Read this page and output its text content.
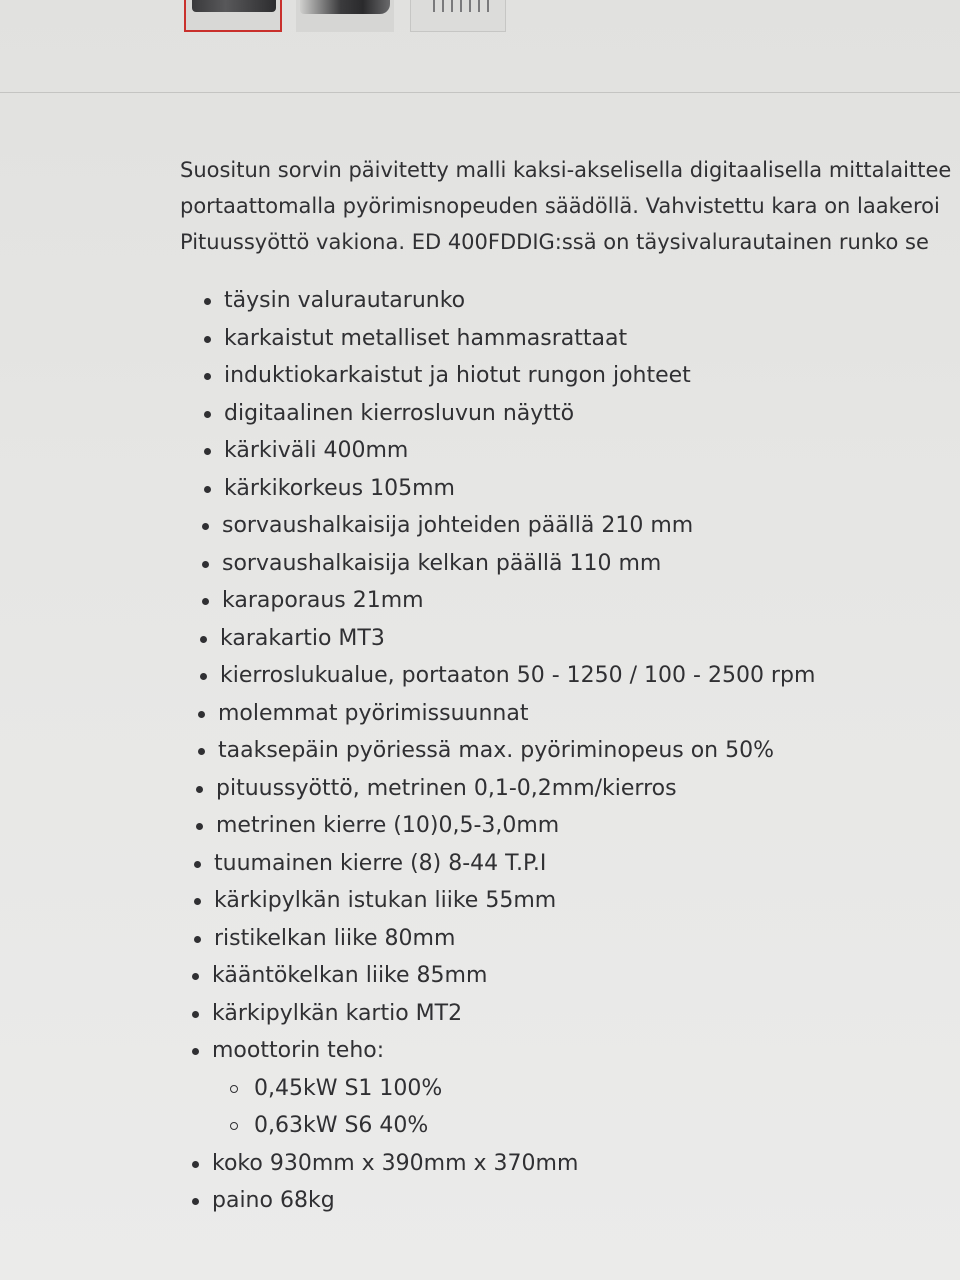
Suositun sorvin päivitetty malli kaksi-akselisella digitaalisella mittalaittee
portaattomalla pyörimisnopeuden säädöllä. Vahvistettu kara on laakeroi
Pituussyöttö vakiona. ED 400FDDIG:ssä on täysivalurautainen runko se

täysin valurautarunko
karkaistut metalliset hammasrattaat
induktiokarkaistut ja hiotut rungon johteet
digitaalinen kierrosluvun näyttö
kärkiväli 400mm
kärkikorkeus 105mm
sorvaushalkaisija johteiden päällä 210 mm
sorvaushalkaisija kelkan päällä 110 mm
karaporaus 21mm
karakartio MT3
kierroslukualue, portaaton 50 - 1250 / 100 - 2500 rpm
molemmat pyörimissuunnat
taaksepäin pyöriessä max. pyöriminopeus on 50%
pituussyöttö, metrinen 0,1-0,2mm/kierros
metrinen kierre (10)0,5-3,0mm
tuumainen kierre (8) 8-44 T.P.I
kärkipylkän istukan liike 55mm
ristikelkan liike 80mm
kääntökelkan liike 85mm
kärkipylkän kartio MT2
moottorin teho:
0,45kW S1 100%
0,63kW S6 40%
koko 930mm x 390mm x 370mm
paino 68kg
